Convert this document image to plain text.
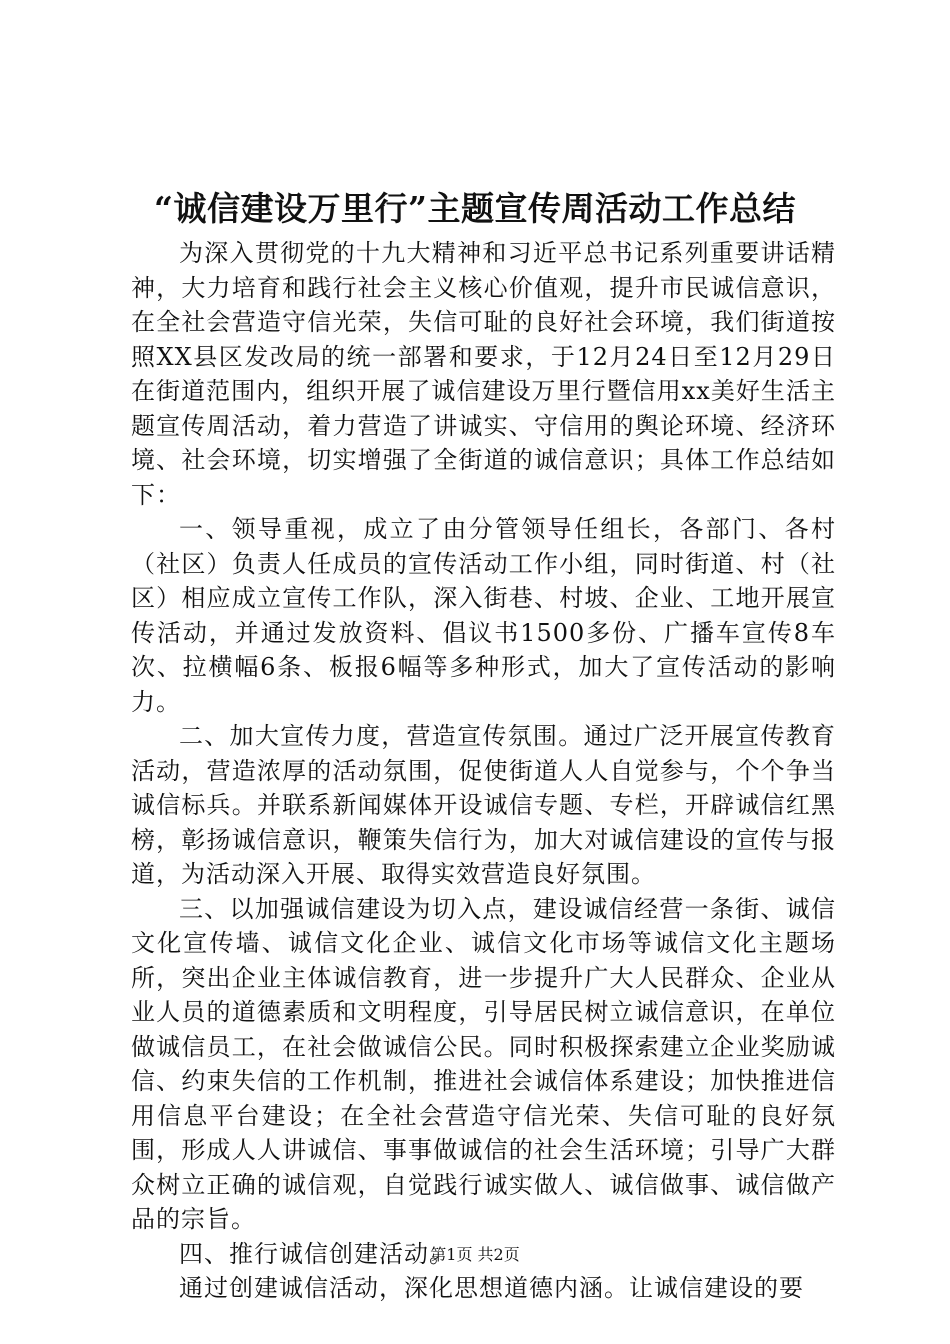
“诚信建设万里行”主题宣传周活动工作总结

为深入贯彻党的十九大精神和习近平总书记系列重要讲话精神，大力培育和践行社会主义核心价值观，提升市民诚信意识，在全社会营造守信光荣，失信可耻的良好社会环境，我们街道按照XX县区发改局的统一部署和要求，于12月24日至12月29日在街道范围内，组织开展了诚信建设万里行暨信用xx美好生活主题宣传周活动，着力营造了讲诚实、守信用的舆论环境、经济环境、社会环境，切实增强了全街道的诚信意识；具体工作总结如下：

一、领导重视，成立了由分管领导任组长，各部门、各村（社区）负责人任成员的宣传活动工作小组，同时街道、村（社区）相应成立宣传工作队，深入街巷、村坡、企业、工地开展宣传活动，并通过发放资料、倡议书1500多份、广播车宣传8车次、拉横幅6条、板报6幅等多种形式，加大了宣传活动的影响力。

二、加大宣传力度，营造宣传氛围。通过广泛开展宣传教育活动，营造浓厚的活动氛围，促使街道人人自觉参与，个个争当诚信标兵。并联系新闻媒体开设诚信专题、专栏，开辟诚信红黑榜，彰扬诚信意识，鞭策失信行为，加大对诚信建设的宣传与报道，为活动深入开展、取得实效营造良好氛围。

三、以加强诚信建设为切入点，建设诚信经营一条街、诚信文化宣传墙、诚信文化企业、诚信文化市场等诚信文化主题场所，突出企业主体诚信教育，进一步提升广大人民群众、企业从业人员的道德素质和文明程度，引导居民树立诚信意识，在单位做诚信员工，在社会做诚信公民。同时积极探索建立企业奖励诚信、约束失信的工作机制，推进社会诚信体系建设；加快推进信用信息平台建设；在全社会营造守信光荣、失信可耻的良好氛围，形成人人讲诚信、事事做诚信的社会生活环境；引导广大群众树立正确的诚信观，自觉践行诚实做人、诚信做事、诚信做产品的宗旨。

四、推行诚信创建活动。

通过创建诚信活动，深化思想道德内涵。让诚信建设的要

第1页 共2页
